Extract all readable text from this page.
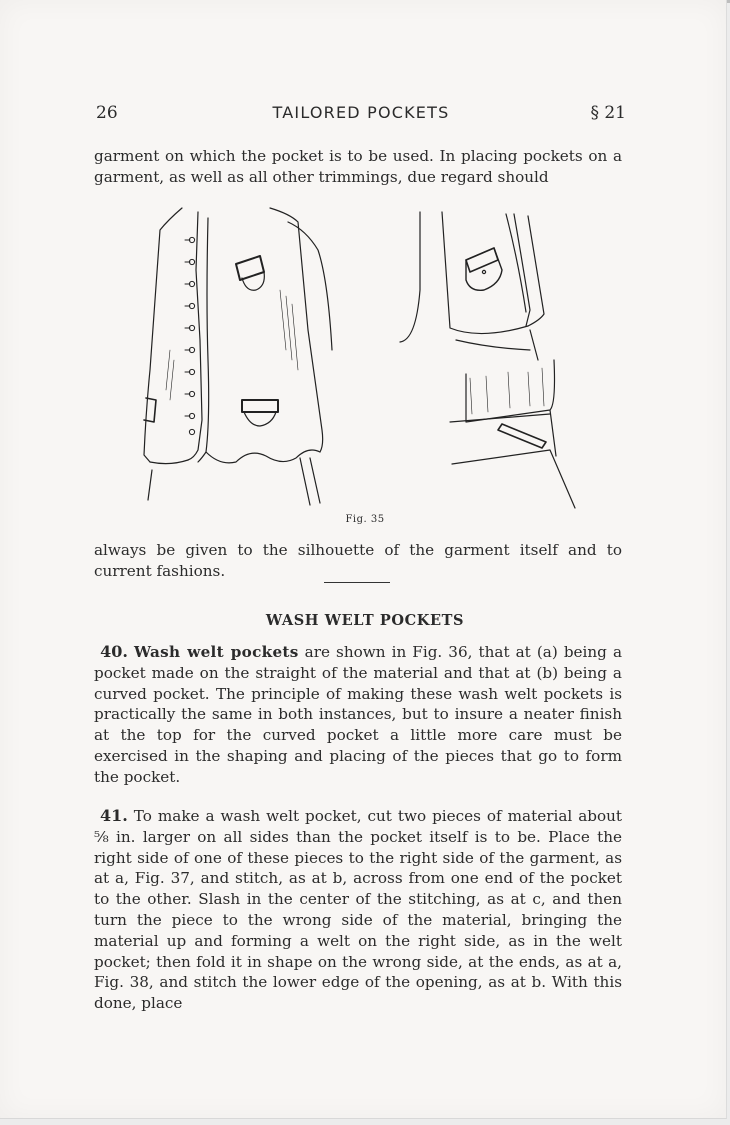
26	TAILORED POCKETS	§ 21
garment on which the pocket is to be used. In placing pockets on a garment, as well as all other trimmings, due regard should
Fig. 35
always be given to the silhouette of the garment itself and to current fashions.
WASH WELT POCKETS
40. Wash welt pockets are shown in Fig. 36, that at (a) being a pocket made on the straight of the material and that at (b) being a curved pocket. The principle of making these wash welt pockets is practically the same in both instances, but to insure a neater finish at the top for the curved pocket a little more care must be exercised in the shaping and placing of the pieces that go to form the pocket.
41. To make a wash welt pocket, cut two pieces of material about ⅝ in. larger on all sides than the pocket itself is to be. Place the right side of one of these pieces to the right side of the garment, as at a, Fig. 37, and stitch, as at b, across from one end of the pocket to the other. Slash in the center of the stitching, as at c, and then turn the piece to the wrong side of the material, bringing the material up and forming a welt on the right side, as in the welt pocket; then fold it in shape on the wrong side, at the ends, as at a, Fig. 38, and stitch the lower edge of the opening, as at b. With this done, place
